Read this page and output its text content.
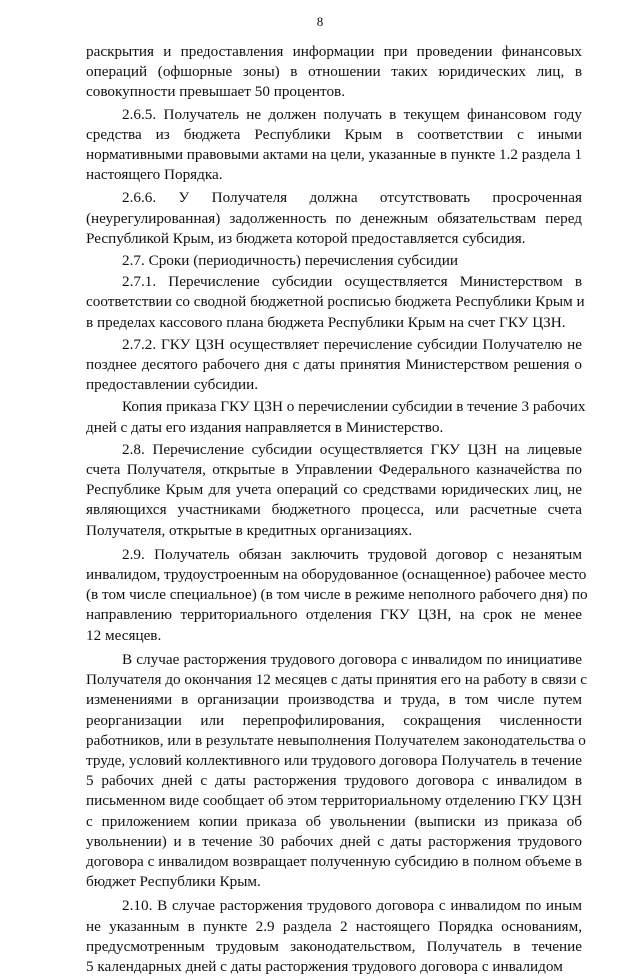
8
раскрытия и предоставления информации при проведении финансовых
операций (офшорные зоны) в отношении таких юридических лиц, в
совокупности превышает 50 процентов.
2.6.5. Получатель не должен получать в текущем финансовом году
средства из бюджета Республики Крым в соответствии с иными
нормативными правовыми актами на цели, указанные в пункте 1.2 раздела 1
настоящего Порядка.
2.6.6. У Получателя должна отсутствовать просроченная
(неурегулированная) задолженность по денежным обязательствам перед
Республикой Крым, из бюджета которой предоставляется субсидия.
2.7. Сроки (периодичность) перечисления субсидии
2.7.1. Перечисление субсидии осуществляется Министерством в
соответствии со сводной бюджетной росписью бюджета Республики Крым и
в пределах кассового плана бюджета Республики Крым на счет ГКУ ЦЗН.
2.7.2. ГКУ ЦЗН осуществляет перечисление субсидии Получателю не
позднее десятого рабочего дня с даты принятия Министерством решения о
предоставлении субсидии.
Копия приказа ГКУ ЦЗН о перечислении субсидии в течение 3 рабочих
дней с даты его издания направляется в Министерство.
2.8. Перечисление субсидии осуществляется ГКУ ЦЗН на лицевые
счета Получателя, открытые в Управлении Федерального казначейства по
Республике Крым для учета операций со средствами юридических лиц, не
являющихся участниками бюджетного процесса, или расчетные счета
Получателя, открытые в кредитных организациях.
2.9. Получатель обязан заключить трудовой договор с незанятым
инвалидом, трудоустроенным на оборудованное (оснащенное) рабочее место
(в том числе специальное) (в том числе в режиме неполного рабочего дня) по
направлению территориального отделения ГКУ ЦЗН, на срок не менее
12 месяцев.
В случае расторжения трудового договора с инвалидом по инициативе
Получателя до окончания 12 месяцев с даты принятия его на работу в связи с
изменениями в организации производства и труда, в том числе путем
реорганизации или перепрофилирования, сокращения численности
работников, или в результате невыполнения Получателем законодательства о
труде, условий коллективного или трудового договора Получатель в течение
5 рабочих дней с даты расторжения трудового договора с инвалидом в
письменном виде сообщает об этом территориальному отделению ГКУ ЦЗН
с приложением копии приказа об увольнении (выписки из приказа об
увольнении) и в течение 30 рабочих дней с даты расторжения трудового
договора с инвалидом возвращает полученную субсидию в полном объеме в
бюджет Республики Крым.
2.10. В случае расторжения трудового договора с инвалидом по иным
не указанным в пункте 2.9 раздела 2 настоящего Порядка основаниям,
предусмотренным трудовым законодательством, Получатель в течение
5 календарных дней с даты расторжения трудового договора с инвалидом
